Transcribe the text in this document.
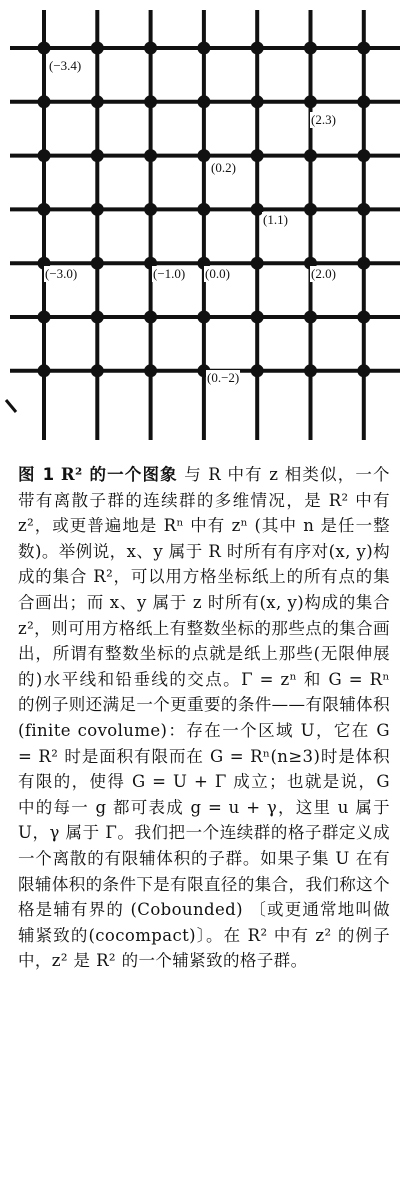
(−3.4)
(2.3)
(0.2)
(1.1)
(−3.0)	(−1.0) (0.0)	(2.0)
(0.−2)
图 1 R² 的一个图象 与 R 中有 z 相类似，一个带有离散子群的连续群的多维情况，是 R² 中有 z²，或更普遍地是 Rⁿ 中有 zⁿ (其中 n 是任一整数)。举例说，x、y 属于 R 时所有有序对(x, y)构成的集合 R²，可以用方格坐标纸上的所有点的集合画出；而 x、y 属于 z 时所有(x, y)构成的集合 z²，则可用方格纸上有整数坐标的那些点的集合画出，所谓有整数坐标的点就是纸上那些(无限伸展的)水平线和铅垂线的交点。Γ = zⁿ 和 G = Rⁿ 的例子则还满足一个更重要的条件——有限辅体积 (finite covolume)：存在一个区域 U，它在 G = R² 时是面积有限而在 G = Rⁿ(n≥3)时是体积有限的，使得 G = U + Γ 成立；也就是说，G 中的每一 g 都可表成 g = u + γ，这里 u 属于 U，γ 属于 Γ。我们把一个连续群的格子群定义成一个离散的有限辅体积的子群。如果子集 U 在有限辅体积的条件下是有限直径的集合，我们称这个格是辅有界的 (Cobounded) 〔或更通常地叫做辅紧致的(cocompact)〕。在 R² 中有 z² 的例子中，z² 是 R² 的一个辅紧致的格子群。
